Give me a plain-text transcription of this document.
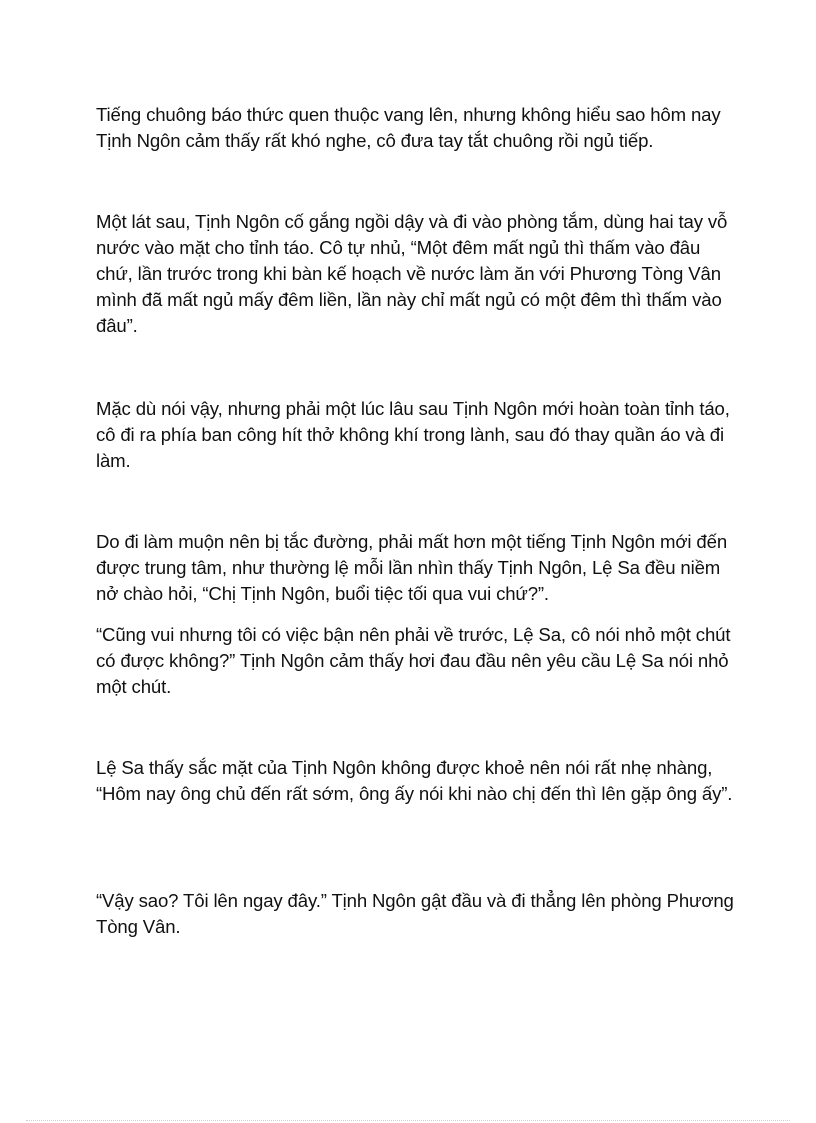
Tiếng chuông báo thức quen thuộc vang lên, nhưng không hiểu sao hôm nay Tịnh Ngôn cảm thấy rất khó nghe, cô đưa tay tắt chuông rồi ngủ tiếp.

Một lát sau, Tịnh Ngôn cố gắng ngồi dậy và đi vào phòng tắm, dùng hai tay vỗ nước vào mặt cho tỉnh táo. Cô tự nhủ, “Một đêm mất ngủ thì thấm vào đâu chứ, lần trước trong khi bàn kế hoạch về nước làm ăn với Phương Tòng Vân mình đã mất ngủ mấy đêm liền, lần này chỉ mất ngủ có một đêm thì thấm vào đâu”.

Mặc dù nói vậy, nhưng phải một lúc lâu sau Tịnh Ngôn mới hoàn toàn tỉnh táo, cô đi ra phía ban công hít thở không khí trong lành, sau đó thay quần áo và đi làm.

Do đi làm muộn nên bị tắc đường, phải mất hơn một tiếng Tịnh Ngôn mới đến được trung tâm, như thường lệ mỗi lần nhìn thấy Tịnh Ngôn, Lệ Sa đều niềm nở chào hỏi, “Chị Tịnh Ngôn, buổi tiệc tối qua vui chứ?”.

“Cũng vui nhưng tôi có việc bận nên phải về trước, Lệ Sa, cô nói nhỏ một chút có được không?” Tịnh Ngôn cảm thấy hơi đau đầu nên yêu cầu Lệ Sa nói nhỏ một chút.

Lệ Sa thấy sắc mặt của Tịnh Ngôn không được khoẻ nên nói rất nhẹ nhàng, “Hôm nay ông chủ đến rất sớm, ông ấy nói khi nào chị đến thì lên gặp ông ấy”.

“Vậy sao? Tôi lên ngay đây.” Tịnh Ngôn gật đầu và đi thẳng lên phòng Phương Tòng Vân.
